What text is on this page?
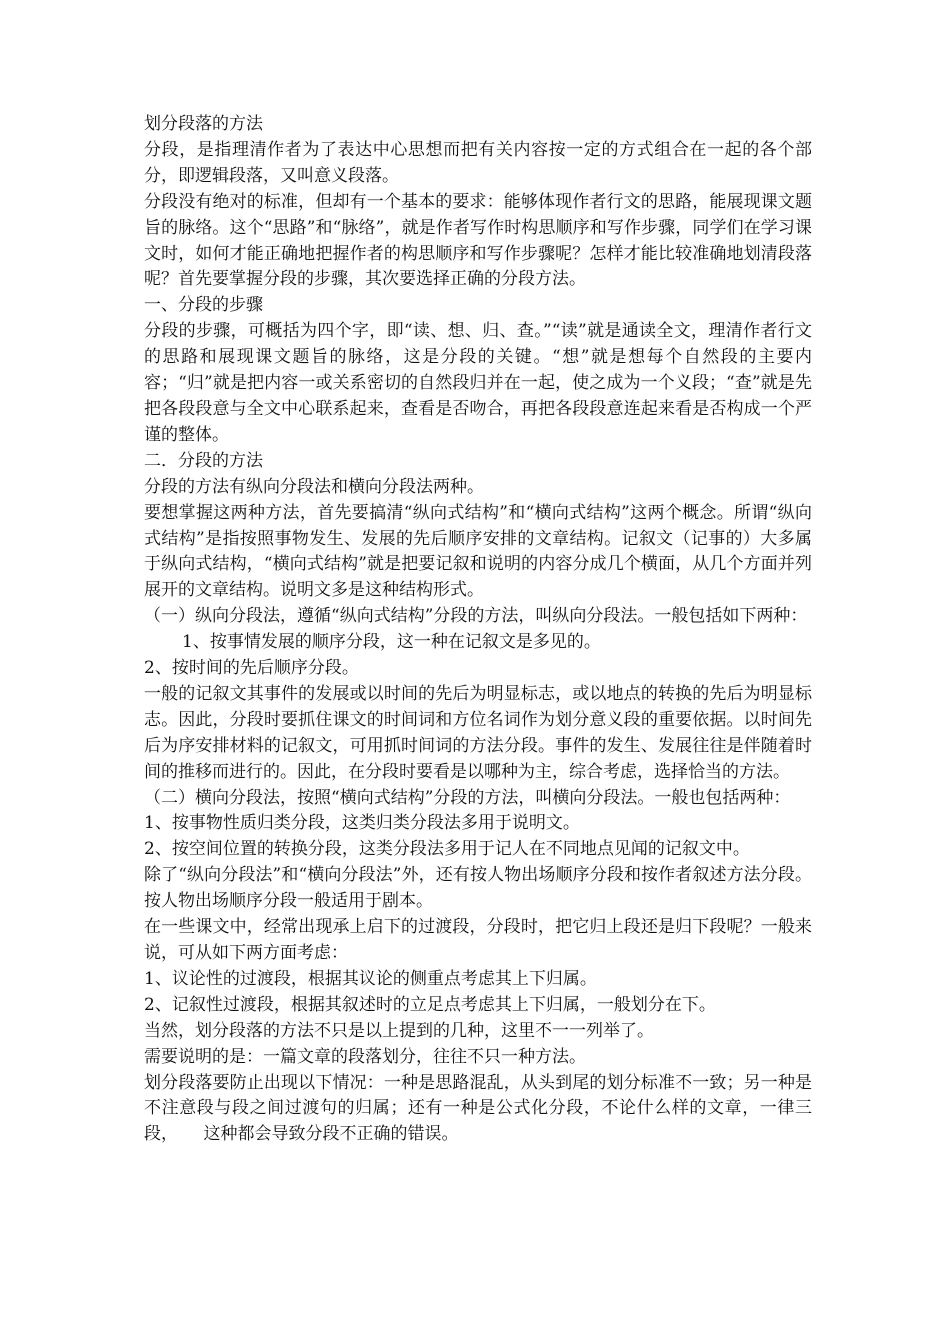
划分段落的方法
分段，是指理清作者为了表达中心思想而把有关内容按一定的方式组合在一起的各个部分，即逻辑段落，又叫意义段落。
分段没有绝对的标准，但却有一个基本的要求：能够体现作者行文的思路，能展现课文题旨的脉络。这个“思路”和“脉络”，就是作者写作时构思顺序和写作步骤，同学们在学习课文时，如何才能正确地把握作者的构思顺序和写作步骤呢？怎样才能比较准确地划清段落呢？首先要掌握分段的步骤，其次要选择正确的分段方法。
一、分段的步骤
分段的步骤，可概括为四个字，即“读、想、归、查。”“读”就是通读全文，理清作者行文的思路和展现课文题旨的脉络，这是分段的关键。“想”就是想每个自然段的主要内容；“归”就是把内容一或关系密切的自然段归并在一起，使之成为一个义段；“查”就是先把各段段意与全文中心联系起来，查看是否吻合，再把各段段意连起来看是否构成一个严谨的整体。
二．分段的方法
分段的方法有纵向分段法和横向分段法两种。
要想掌握这两种方法，首先要搞清“纵向式结构”和“横向式结构”这两个概念。所谓“纵向式结构”是指按照事物发生、发展的先后顺序安排的文章结构。记叙文（记事的）大多属于纵向式结构，“横向式结构”就是把要记叙和说明的内容分成几个横面，从几个方面并列展开的文章结构。说明文多是这种结构形式。
（一）纵向分段法，遵循“纵向式结构”分段的方法，叫纵向分段法。一般包括如下两种：
1、按事情发展的顺序分段，这一种在记叙文是多见的。
2、按时间的先后顺序分段。
一般的记叙文其事件的发展或以时间的先后为明显标志，或以地点的转换的先后为明显标志。因此，分段时要抓住课文的时间词和方位名词作为划分意义段的重要依据。以时间先后为序安排材料的记叙文，可用抓时间词的方法分段。事件的发生、发展往往是伴随着时间的推移而进行的。因此，在分段时要看是以哪种为主，综合考虑，选择恰当的方法。
（二）横向分段法，按照“横向式结构”分段的方法，叫横向分段法。一般也包括两种：
1、按事物性质归类分段，这类归类分段法多用于说明文。
2、按空间位置的转换分段，这类分段法多用于记人在不同地点见闻的记叙文中。
除了“纵向分段法”和“横向分段法”外，还有按人物出场顺序分段和按作者叙述方法分段。按人物出场顺序分段一般适用于剧本。
在一些课文中，经常出现承上启下的过渡段，分段时，把它归上段还是归下段呢？一般来说，可从如下两方面考虑：
1、议论性的过渡段，根据其议论的侧重点考虑其上下归属。
2、记叙性过渡段，根据其叙述时的立足点考虑其上下归属，一般划分在下。
当然，划分段落的方法不只是以上提到的几种，这里不一一列举了。
需要说明的是：一篇文章的段落划分，往往不只一种方法。
划分段落要防止出现以下情况：一种是思路混乱，从头到尾的划分标准不一致；另一种是不注意段与段之间过渡句的归属；还有一种是公式化分段，不论什么样的文章，一律三段，　　这种都会导致分段不正确的错误。
